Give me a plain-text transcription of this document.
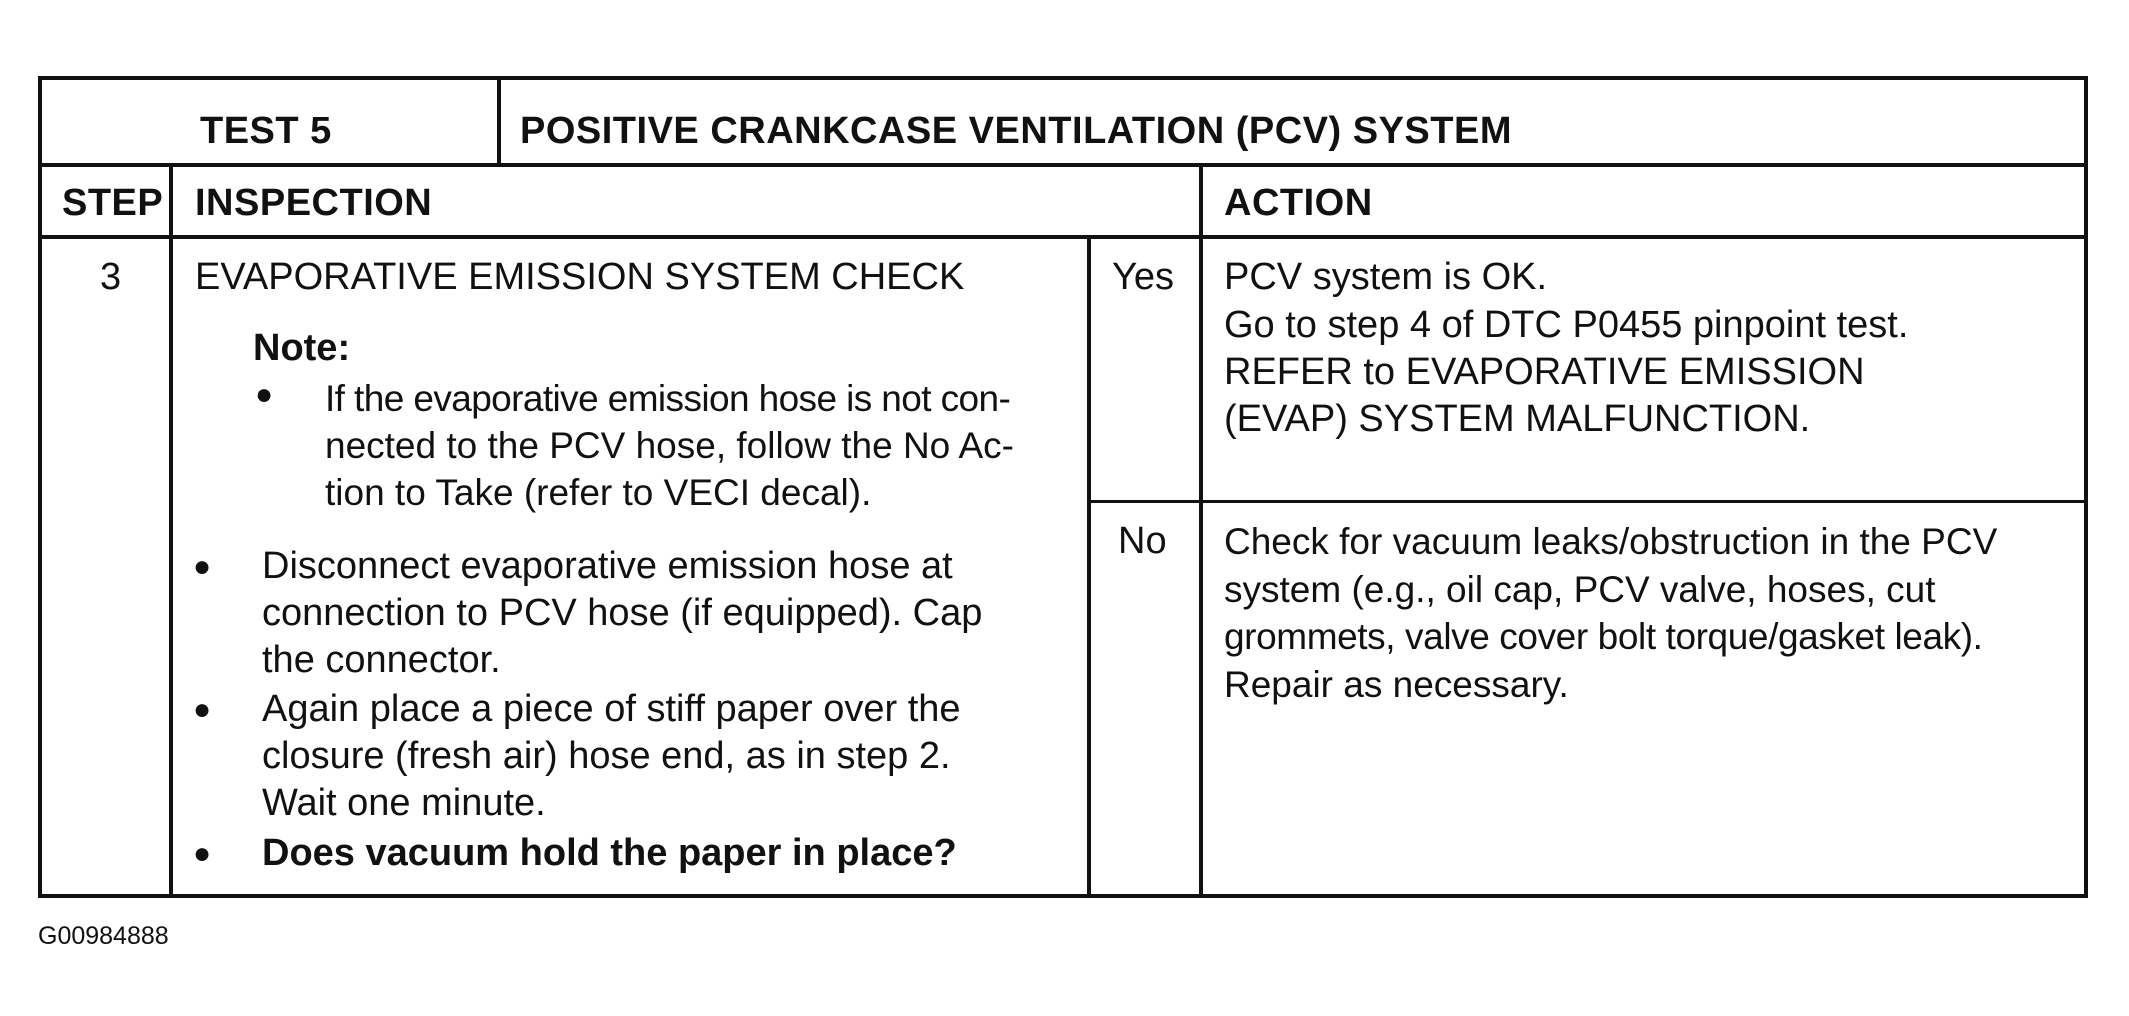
TEST 5	POSITIVE CRANKCASE VENTILATION (PCV) SYSTEM
STEP INSPECTION	ACTION
3 EVAPORATIVE EMISSION SYSTEM CHECK
Note:
● If the evaporative emission hose is not con-
nected to the PCV hose, follow the No Ac-
tion to Take (refer to VECI decal).
● Disconnect evaporative emission hose at
connection to PCV hose (if equipped). Cap
the connector.
● Again place a piece of stiff paper over the
closure (fresh air) hose end, as in step 2.
Wait one minute.
● Does vacuum hold the paper in place?
Yes
No
PCV system is OK.
Go to step 4 of DTC P0455 pinpoint test.
REFER to EVAPORATIVE EMISSION
(EVAP) SYSTEM MALFUNCTION.
Check for vacuum leaks/obstruction in the PCV
system (e.g., oil cap, PCV valve, hoses, cut
grommets, valve cover bolt torque/gasket leak).
Repair as necessary.
G00984888
